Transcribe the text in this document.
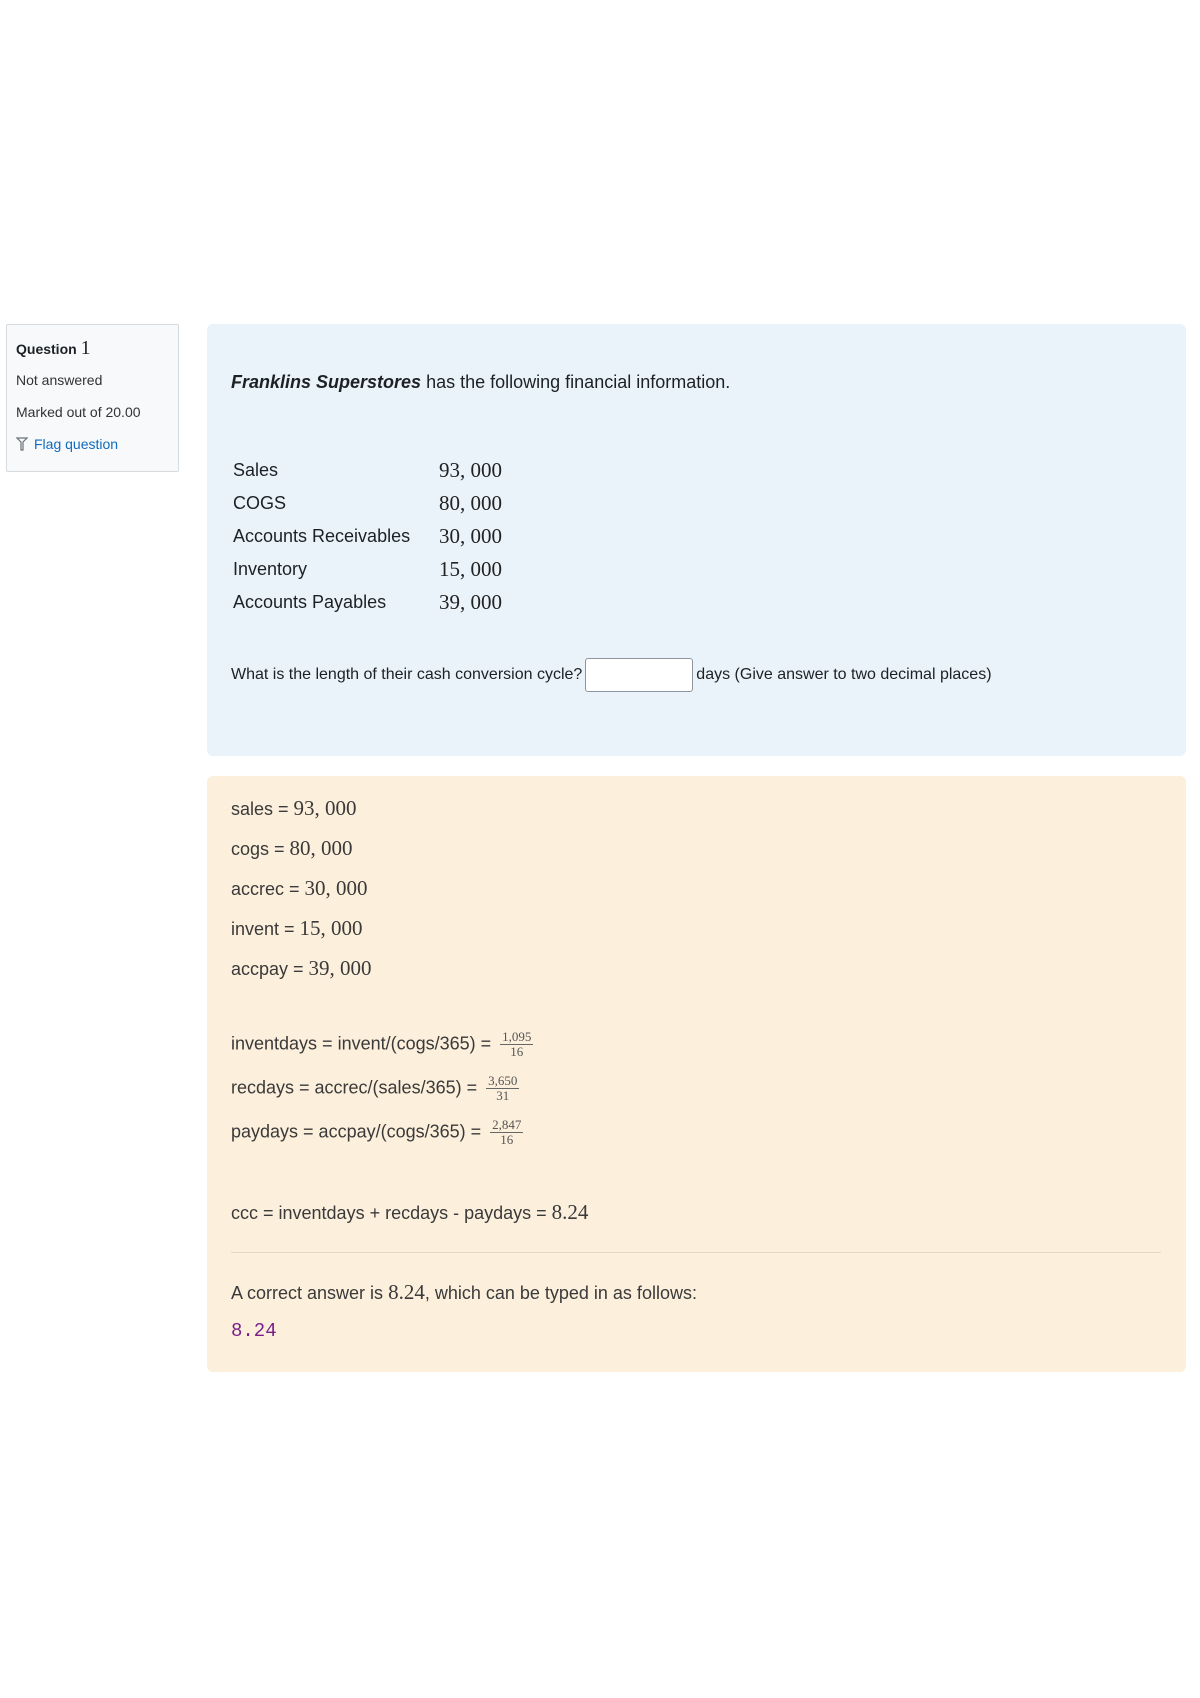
Question 1
Not answered
Marked out of 20.00
Flag question
Franklins Superstores has the following financial information.
Sales	93, 000
COGS	80, 000
Accounts Receivables	30, 000
Inventory	15, 000
Accounts Payables	39, 000
What is the length of their cash conversion cycle?	days (Give answer to two decimal places)
sales = 93, 000
cogs = 80, 000
accrec = 30, 000
invent = 15, 000
accpay = 39, 000
inventdays = invent/(cogs/365) = $\frac{1,095}{16}$
recdays = accrec/(sales/365) = $\frac{3,650}{31}$
paydays = accpay/(cogs/365) = $\frac{2,847}{16}$
ccc = inventdays + recdays - paydays = 8.24
A correct answer is 8.24, which can be typed in as follows:
8.24
